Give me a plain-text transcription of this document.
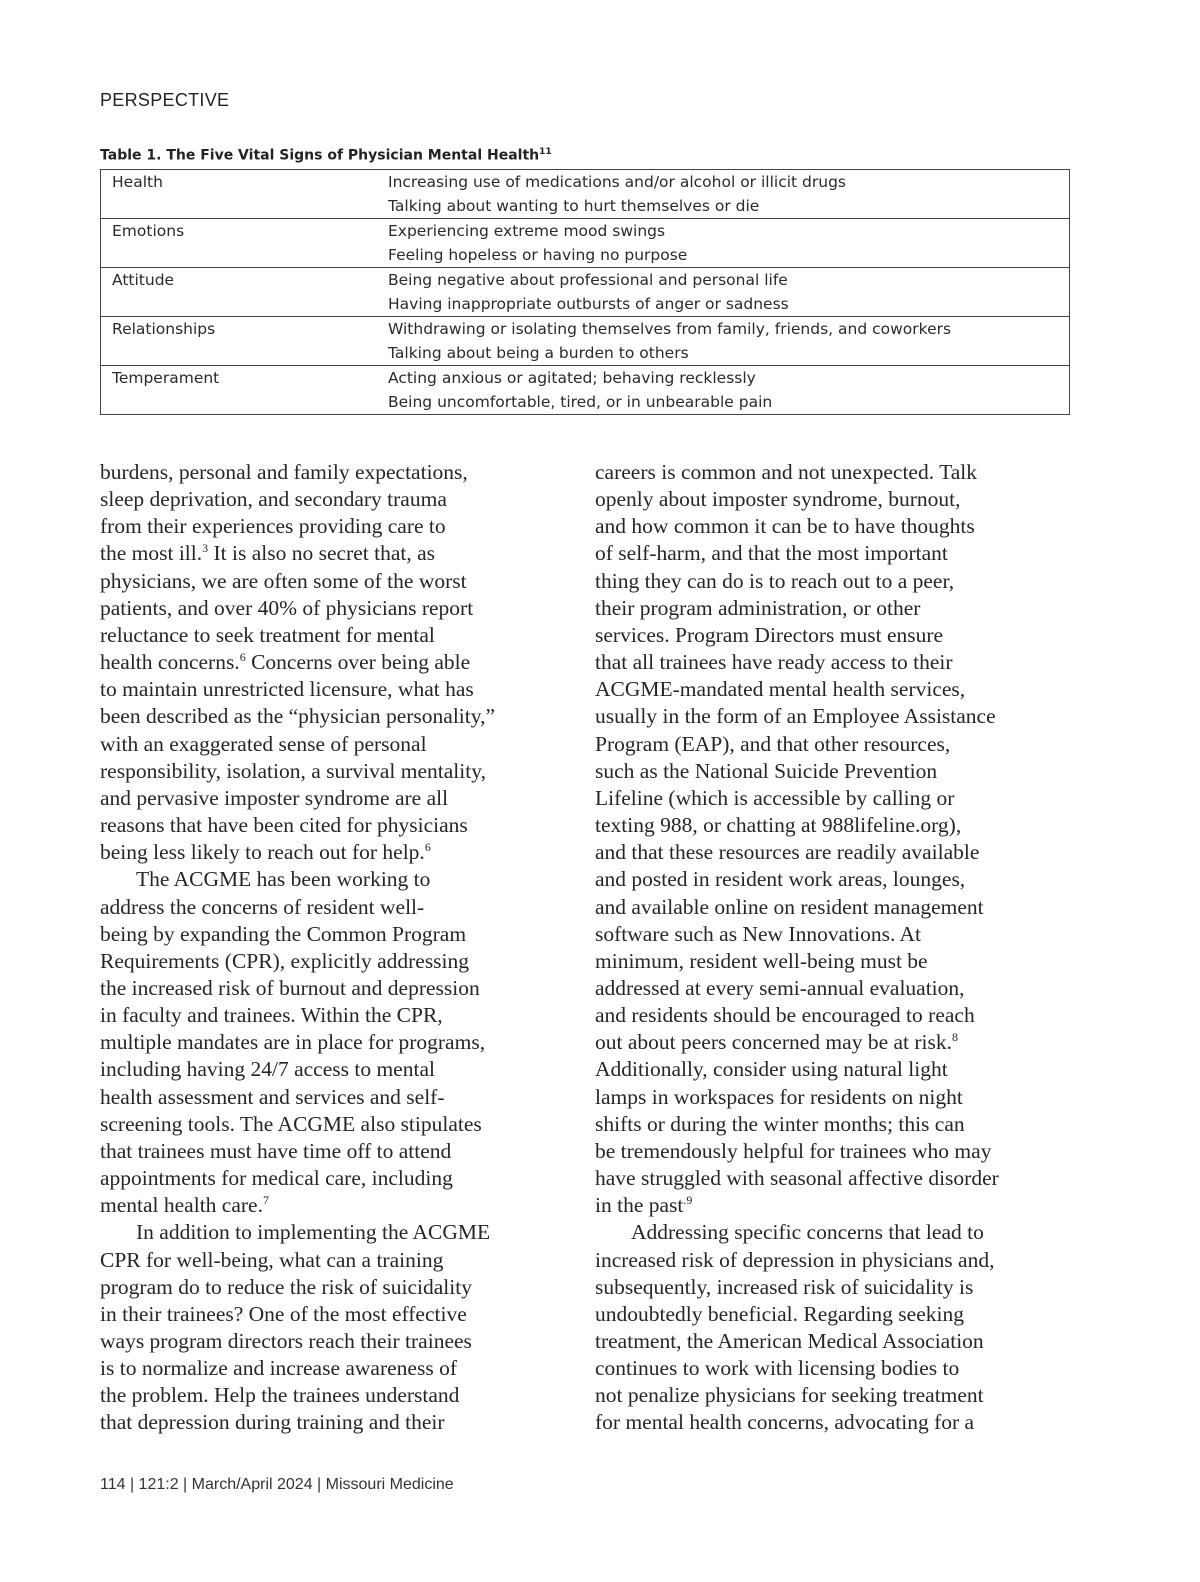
PERSPECTIVE
Table 1. The Five Vital Signs of Physician Mental Health$^{11}$
Health	Increasing use of medications and/or alcohol or illicit drugs
Talking about wanting to hurt themselves or die

Emotions	Experiencing extreme mood swings
Feeling hopeless or having no purpose

Attitude	Being negative about professional and personal life
Having inappropriate outbursts of anger or sadness

Relationships	Withdrawing or isolating themselves from family, friends, and coworkers
Talking about being a burden to others

Temperament	Acting anxious or agitated; behaving recklessly
Being uncomfortable, tired, or in unbearable pain

burdens, personal and family expectations,
sleep deprivation, and secondary trauma
from their experiences providing care to
the most ill.$^3$ It is also no secret that, as
physicians, we are often some of the worst
patients, and over 40% of physicians report
reluctance to seek treatment for mental
health concerns.$^6$ Concerns over being able
to maintain unrestricted licensure, what has
been described as the “physician personality,”
with an exaggerated sense of personal
responsibility, isolation, a survival mentality,
and pervasive imposter syndrome are all
reasons that have been cited for physicians
being less likely to reach out for help.$^6$

The ACGME has been working to
address the concerns of resident well-
being by expanding the Common Program
Requirements (CPR), explicitly addressing
the increased risk of burnout and depression
in faculty and trainees. Within the CPR,
multiple mandates are in place for programs,
including having 24/7 access to mental
health assessment and services and self-
screening tools. The ACGME also stipulates
that trainees must have time off to attend
appointments for medical care, including
mental health care.$^7$

In addition to implementing the ACGME
CPR for well-being, what can a training
program do to reduce the risk of suicidality
in their trainees? One of the most effective
ways program directors reach their trainees
is to normalize and increase awareness of
the problem. Help the trainees understand
that depression during training and their

careers is common and not unexpected. Talk
openly about imposter syndrome, burnout,
and how common it can be to have thoughts
of self-harm, and that the most important
thing they can do is to reach out to a peer,
their program administration, or other
services. Program Directors must ensure
that all trainees have ready access to their
ACGME-mandated mental health services,
usually in the form of an Employee Assistance
Program (EAP), and that other resources,
such as the National Suicide Prevention
Lifeline (which is accessible by calling or
texting 988, or chatting at 988lifeline.org),
and that these resources are readily available
and posted in resident work areas, lounges,
and available online on resident management
software such as New Innovations. At
minimum, resident well-being must be
addressed at every semi-annual evaluation,
and residents should be encouraged to reach
out about peers concerned may be at risk.$^8$
Additionally, consider using natural light
lamps in workspaces for residents on night
shifts or during the winter months; this can
be tremendously helpful for trainees who may
have struggled with seasonal affective disorder
in the past$^{.9}$

Addressing specific concerns that lead to
increased risk of depression in physicians and,
subsequently, increased risk of suicidality is
undoubtedly beneficial. Regarding seeking
treatment, the American Medical Association
continues to work with licensing bodies to
not penalize physicians for seeking treatment
for mental health concerns, advocating for a

114 | 121:2 | March/April 2024 | Missouri Medicine
